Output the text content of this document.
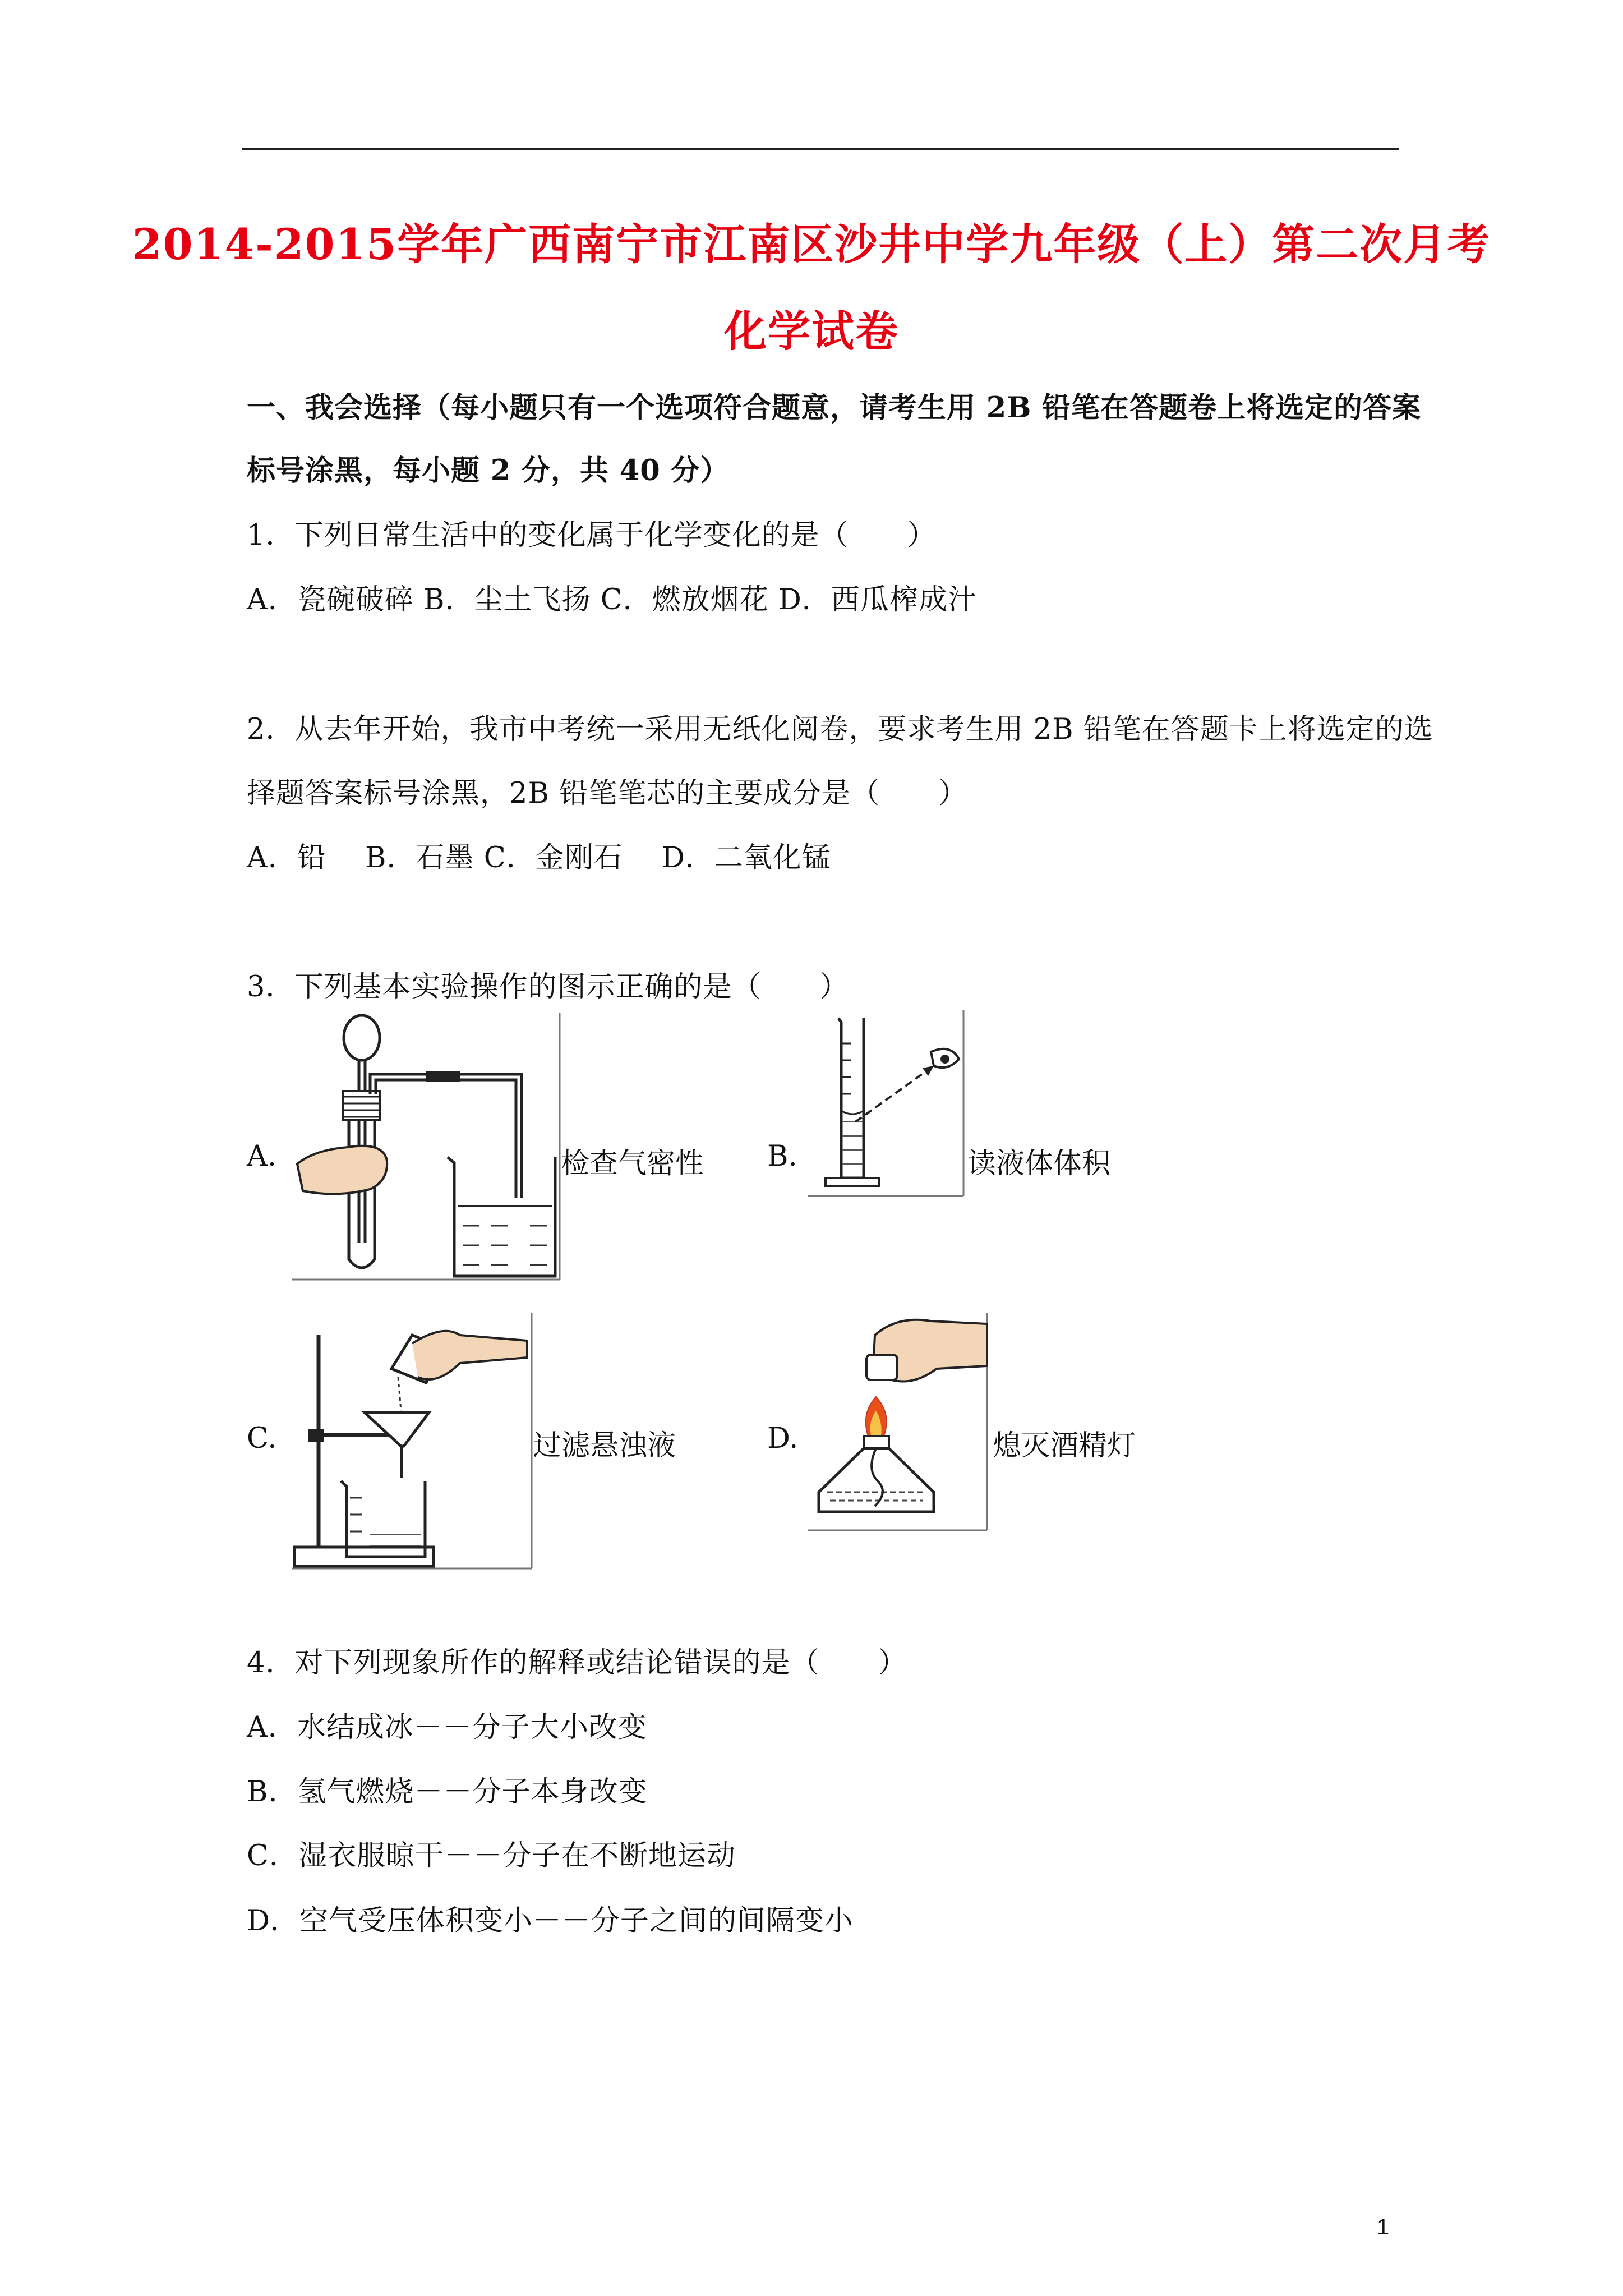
2014-2015学年广西南宁市江南区沙井中学九年级（上）第二次月考
化学试卷
一、我会选择（每小题只有一个选项符合题意，请考生用 2B 铅笔在答题卷上将选定的答案
标号涂黑，每小题 2 分，共 40 分）
1．下列日常生活中的变化属于化学变化的是（　　）
A．瓷碗破碎 B．尘土飞扬 C．燃放烟花 D．西瓜榨成汁
2．从去年开始，我市中考统一采用无纸化阅卷，要求考生用 2B 铅笔在答题卡上将选定的选
择题答案标号涂黑，2B 铅笔笔芯的主要成分是（　　）
A．铅　 B．石墨 C．金刚石　 D．二氧化锰
3．下列基本实验操作的图示正确的是（　　）
A.	检查气密性 B.	读液体体积
C.	过滤悬浊液	D.	熄灭酒精灯
4．对下列现象所作的解释或结论错误的是（　　）
A．水结成冰－－分子大小改变
B．氢气燃烧－－分子本身改变
C．湿衣服晾干－－分子在不断地运动
D．空气受压体积变小－－分子之间的间隔变小
1
